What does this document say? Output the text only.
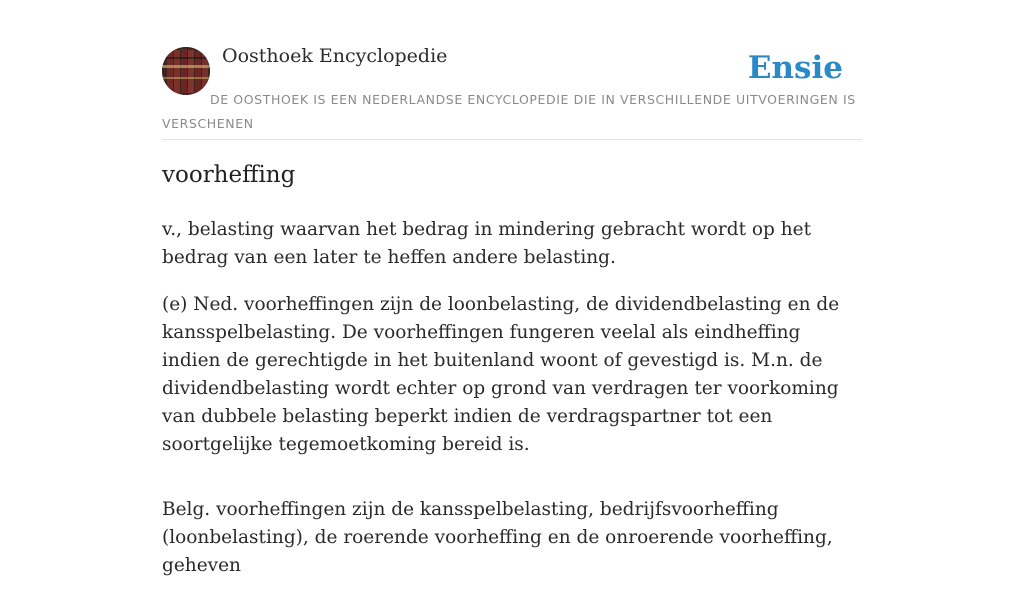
Oosthoek Encyclopedie	Ensie
DE OOSTHOEK IS EEN NEDERLANDSE ENCYCLOPEDIE DIE IN VERSCHILLENDE UITVOERINGEN IS VERSCHENEN
voorheffing

v., belasting waarvan het bedrag in mindering gebracht wordt op het bedrag van een later te heffen andere belasting.

(e) Ned. voorheffingen zijn de loonbelasting, de dividendbelasting en de kansspelbelasting. De voorheffingen fungeren veelal als eindheffing indien de gerechtigde in het buitenland woont of gevestigd is. M.n. de dividendbelasting wordt echter op grond van verdragen ter voorkoming van dubbele belasting beperkt indien de verdragspartner tot een soortgelijke tegemoetkoming bereid is.

Belg. voorheffingen zijn de kansspelbelasting, bedrijfsvoorheffing (loonbelasting), de roerende voorheffing en de onroerende voorheffing, geheven
